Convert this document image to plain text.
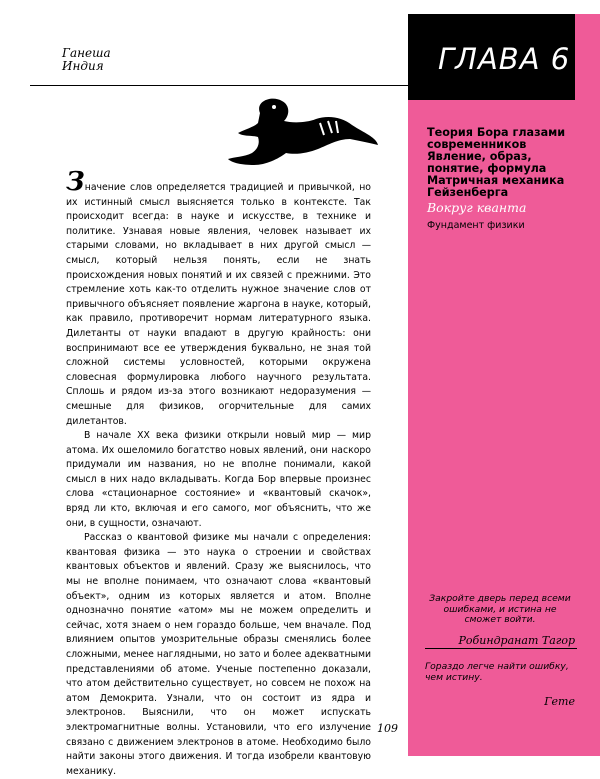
Ганеша
Индия	ГЛАВА 6
Теория Бора глазами современников
Явление, образ, понятие, формула
Матричная механика Гейзенберга
Вокруг кванта
Фундамент физики
Закройте дверь перед всеми ошибками, и истина не сможет войти.
Робиндранат Тагор
Гораздо легче найти ошибку, чем истину.
Гете

Значение слов определяется традицией и привычкой, но их истинный смысл выясняется только в контексте. Так происходит всегда: в науке и искусстве, в технике и политике. Узнавая новые явления, человек называет их старыми словами, но вкладывает в них другой смысл — смысл, который нельзя понять, если не знать происхождения новых понятий и их связей с прежними. Это стремление хоть как-то отделить нужное значение слов от привычного объясняет появление жаргона в науке, который, как правило, противоречит нормам литературного языка. Дилетанты от науки впадают в другую крайность: они воспринимают все ее утверждения буквально, не зная той сложной системы условностей, которыми окружена словесная формулировка любого научного результата. Сплошь и рядом из-за этого возникают недоразумения — смешные для физиков, огорчительные для самих дилетантов.

В начале XX века физики открыли новый мир — мир атома. Их ошеломило богатство новых явлений, они наскоро придумали им названия, но не вполне понимали, какой смысл в них надо вкладывать. Когда Бор впервые произнес слова «стационарное состояние» и «квантовый скачок», вряд ли кто, включая и его самого, мог объяснить, что же они, в сущности, означают.

Рассказ о квантовой физике мы начали с определения: квантовая физика — это наука о строении и свойствах квантовых объектов и явлений. Сразу же выяснилось, что мы не вполне понимаем, что означают слова «квантовый объект», одним из которых является и атом. Вполне однозначно понятие «атом» мы не можем определить и сейчас, хотя знаем о нем гораздо больше, чем вначале. Под влиянием опытов умозрительные образы сменялись более сложными, менее наглядными, но зато и более адекватными представлениями об атоме. Ученые постепенно доказали, что атом действительно существует, но совсем не похож на атом Демокрита. Узнали, что он состоит из ядра и электронов. Выяснили, что он может испускать электромагнитные волны. Установили, что его излучение связано с движением электронов в атоме. Необходимо было найти законы этого движения. И тогда изобрели квантовую механику.

109
